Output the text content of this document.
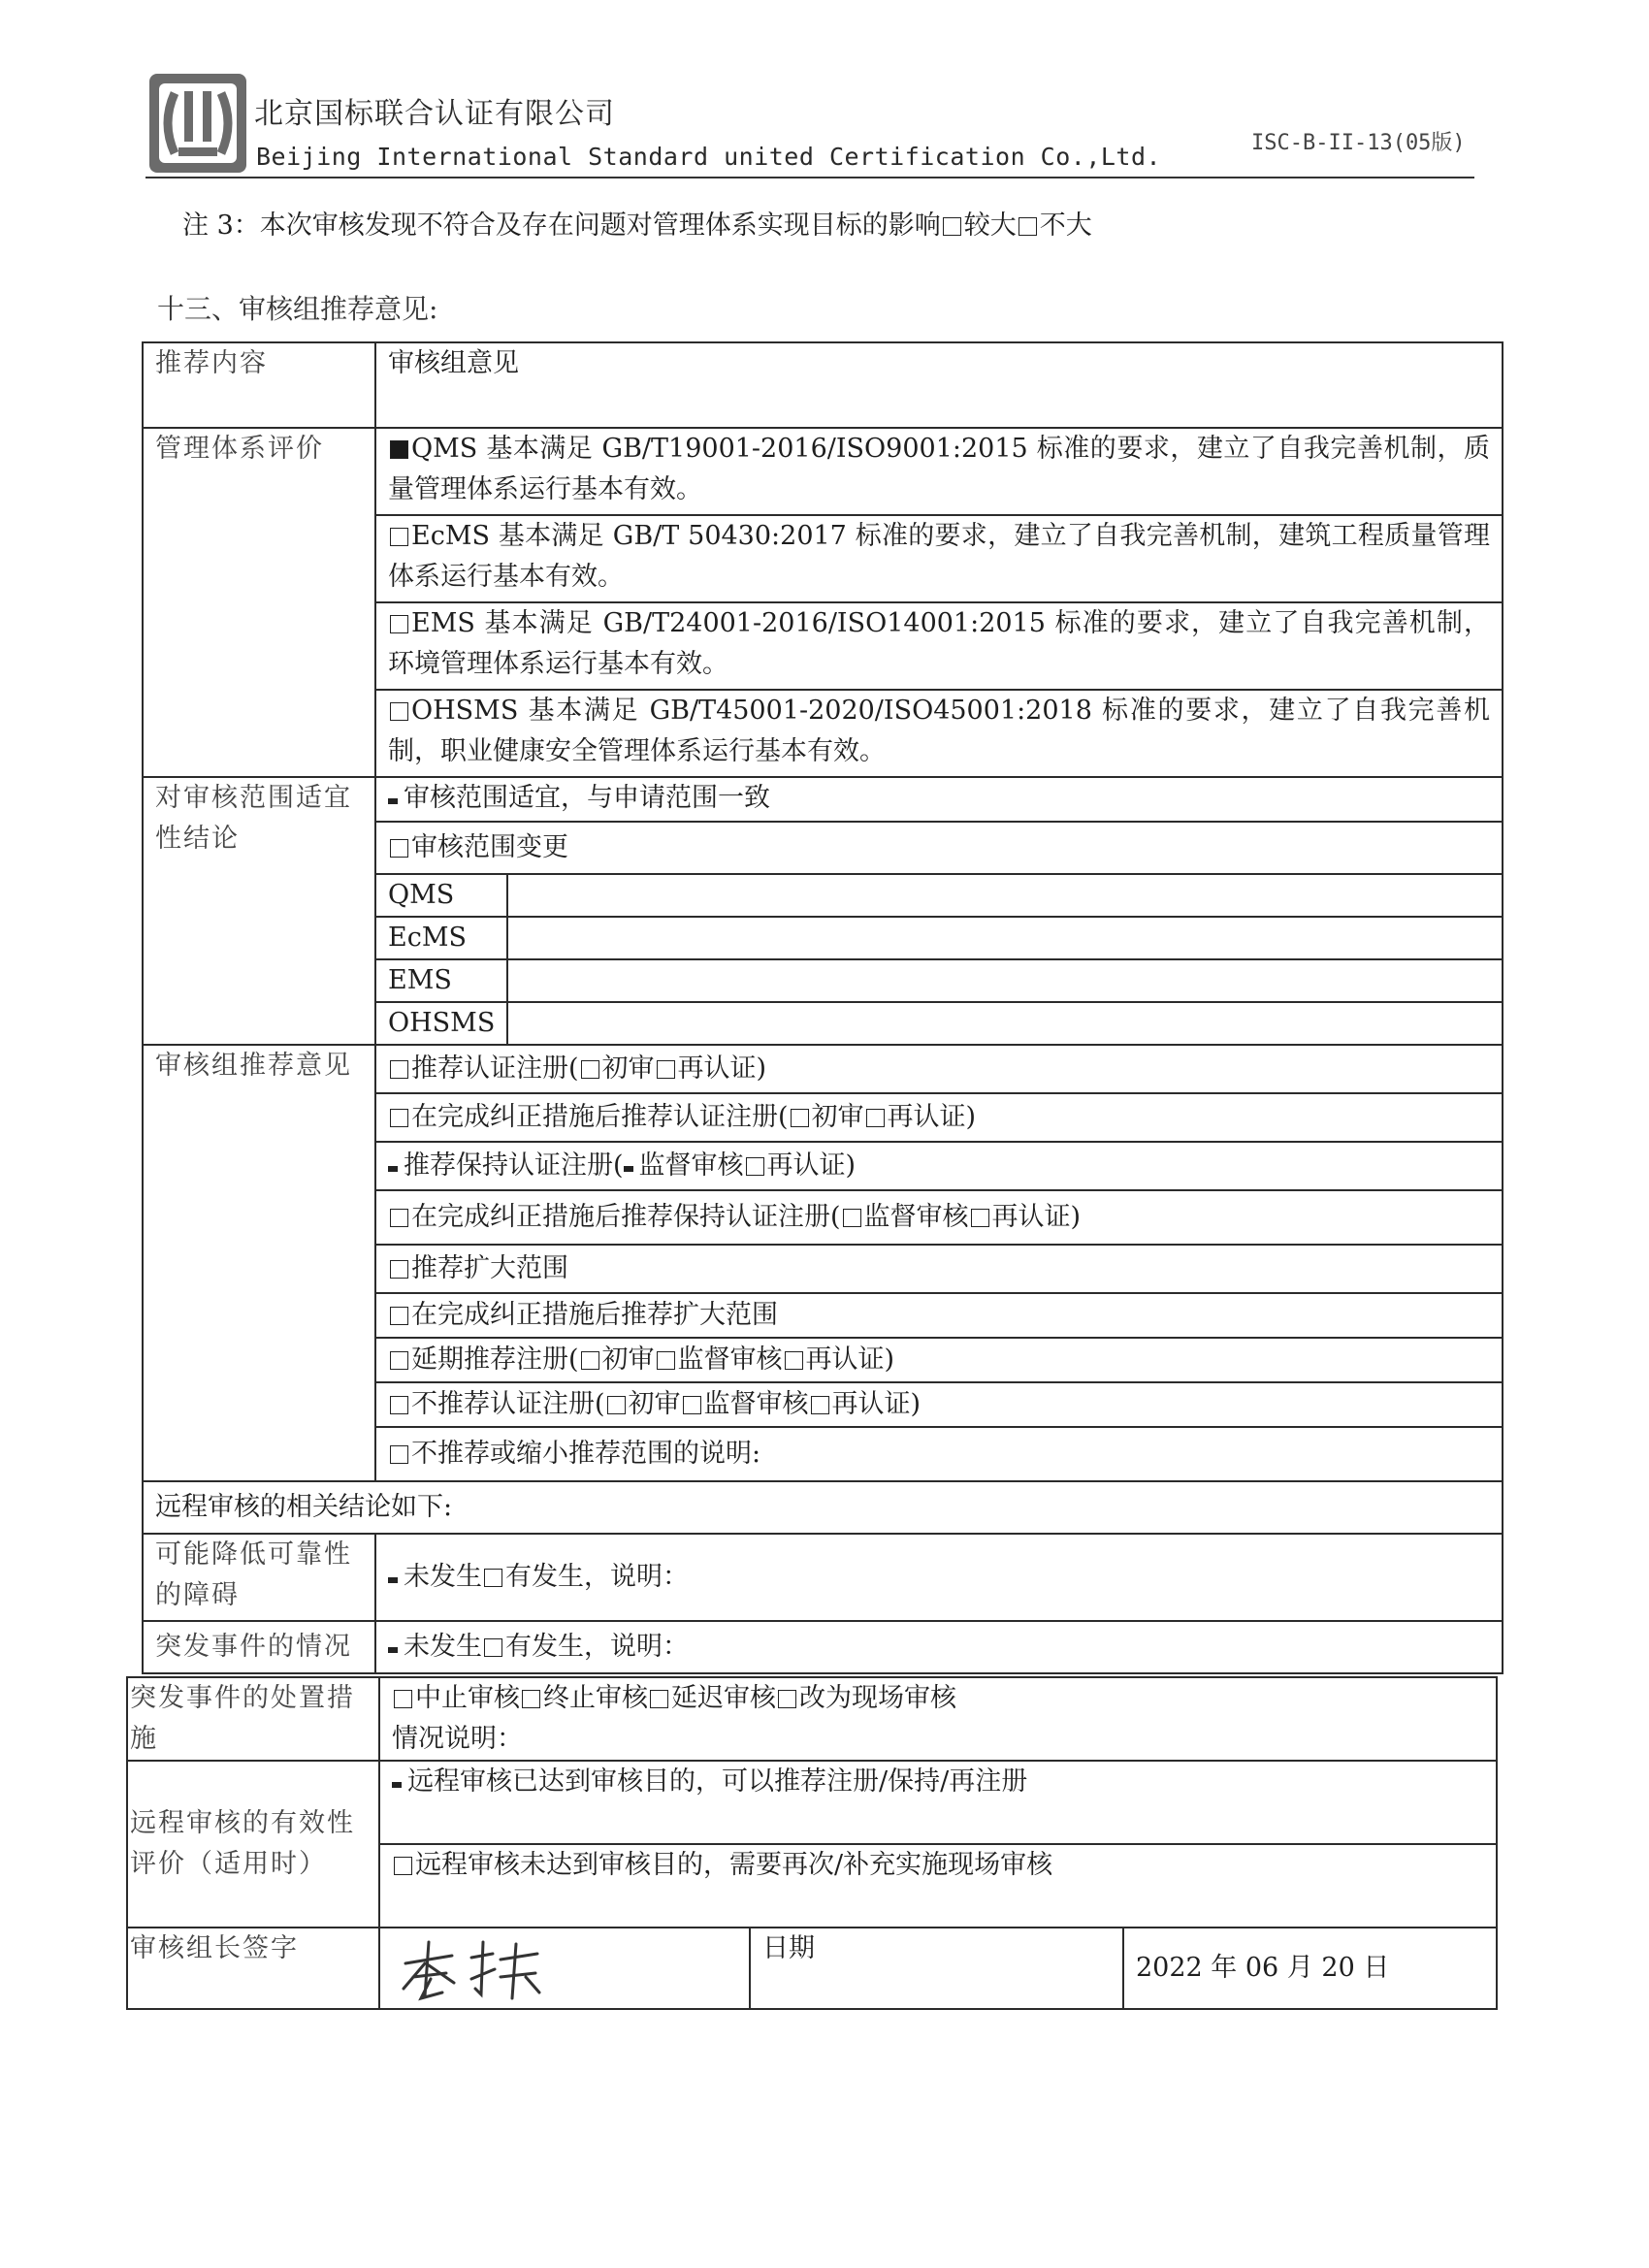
北京国标联合认证有限公司
Beijing International Standard united Certification Co.,Ltd.	ISC-B-II-13(05版)
注 3：本次审核发现不符合及存在问题对管理体系实现目标的影响 较大 不大
十三、审核组推荐意见:
推荐内容	审核组意见	
管理体系评价	QMS 基本满足 GB/T19001-2016/ISO9001:2015 标准的要求，建立了自我完善机制，质量管理体系运行基本有效。	
	EcMS 基本满足 GB/T 50430:2017 标准的要求，建立了自我完善机制，建筑工程质量管理体系运行基本有效。	
	EMS 基本满足 GB/T24001-2016/ISO14001:2015 标准的要求，建立了自我完善机制，环境管理体系运行基本有效。	
	OHSMS 基本满足 GB/T45001-2020/ISO45001:2018 标准的要求，建立了自我完善机制，职业健康安全管理体系运行基本有效。	
对审核范围适宜性结论	审核范围适宜，与申请范围一致	
	审核范围变更	
	QMS	
	EcMS	
	EMS	
	OHSMS	
审核组推荐意见	推荐认证注册( 初审 再认证)	
	在完成纠正措施后推荐认证注册( 初审 再认证)	
	推荐保持认证注册( 监督审核 再认证)	
	在完成纠正措施后推荐保持认证注册( 监督审核 再认证)	
	推荐扩大范围	
	在完成纠正措施后推荐扩大范围	
	延期推荐注册( 初审 监督审核 再认证)	
	不推荐认证注册( 初审 监督审核 再认证)	
	不推荐或缩小推荐范围的说明:	
远程审核的相关结论如下:		
可能降低可靠性的障碍	未发生 有发生，说明：	
突发事件的情况	未发生 有发生，说明：	
突发事件的处置措施	中止审核 终止审核 延迟审核 改为现场审核
情况说明：		

远程审核的有效性评价（适用时）	远程审核已达到审核目的，可以推荐注册/保持/再注册		
	远程审核未达到审核目的，需要再次/补充实施现场审核		
审核组长签字		日期	2022 年 06 月 20 日
